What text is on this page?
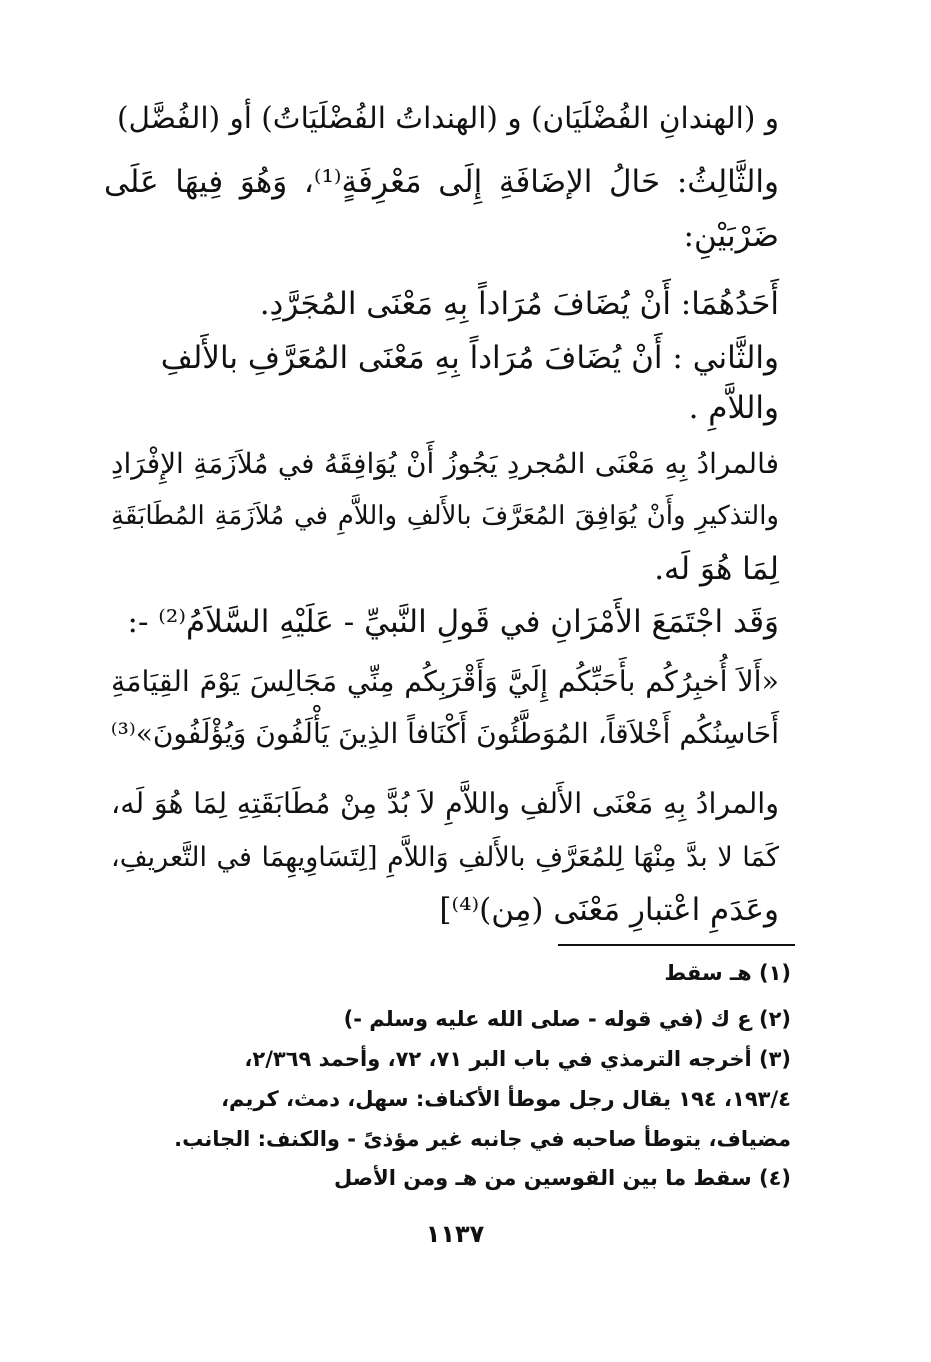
و (الهندانِ الفُضْلَيَان) و (الهنداتُ الفُضْلَيَاتُ) أو (الفُضَّل)

والثَّالِثُ: حَالُ الإضَافَةِ إِلَى مَعْرِفَةٍ⁽¹⁾، وَهُوَ فِيهَا عَلَى

ضَرْبَيْنِ:

أَحَدُهُمَا: أَنْ يُضَافَ مُرَاداً بِهِ مَعْنَى المُجَرَّدِ.

والثَّاني : أَنْ يُضَافَ مُرَاداً بِهِ مَعْنَى المُعَرَّفِ بالأَلفِ

واللاَّمِ .

فالمرادُ بِهِ مَعْنَى المُجردِ يَجُوزُ أَنْ يُوَافِقَهُ في مُلاَزَمَةِ الإِفْرَادِ

والتذكيرِ وأَنْ يُوَافِقَ المُعَرَّفَ بالأَلفِ واللاَّمِ في مُلاَزَمَةِ المُطَابَقَةِ

لِمَا هُوَ لَه.

وَقَد اجْتَمَعَ الأَمْرَانِ في قَولِ النَّبيِّ - عَلَيْهِ السَّلاَمُ⁽²⁾ -:

«أَلاَ أُخبِرُكُم بأَحَبِّكُم إِلَيَّ وَأَقْرَبِكُم مِنِّي مَجَالِسَ يَوْمَ القِيَامَةِ

أَحَاسِنُكُم أَخْلاَقاً، المُوَطَّئُونَ أَكْنَافاً الذِينَ يَأْلَفُونَ وَيُؤْلَفُونَ»⁽³⁾

والمرادُ بِهِ مَعْنَى الأَلفِ واللاَّمِ لاَ بُدَّ مِنْ مُطَابَقَتِهِ لِمَا هُوَ لَه،

كَمَا لا بدَّ مِنْهَا لِلمُعَرَّفِ بالأَلفِ وَاللاَّمِ [لِتَسَاوِيهِمَا في التَّعريفِ،

وعَدَمِ اعْتبارِ مَعْنَى (مِن)⁽⁴⁾]

(١) هـ سقط

(٢) ع ك (في قوله - صلى الله عليه وسلم -)

(٣) أخرجه الترمذي في باب البر ٧١، ٧٢، وأحمد ٢/٣٦٩،

١٩٣/٤، ١٩٤ يقال رجل موطأ الأكناف: سهل، دمث، كريم،

مضياف، يتوطأ صاحبه في جانبه غير مؤذىً - والكنف: الجانب.

(٤) سقط ما بين القوسين من هـ ومن الأصل

١١٣٧
